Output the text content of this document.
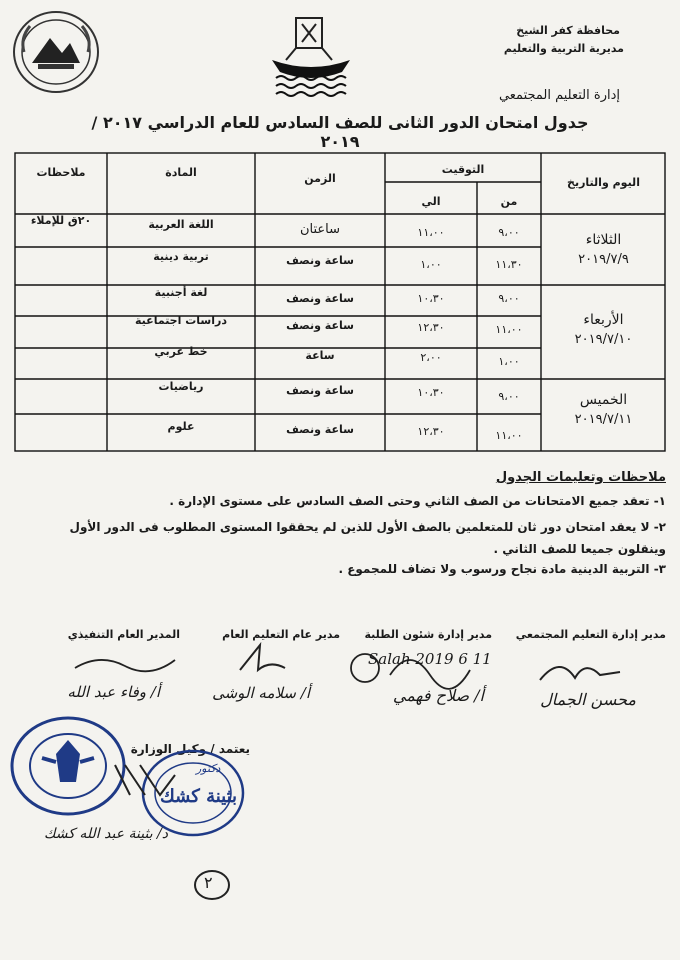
محافظة كفر الشيخ
مديرية التربية والتعليم
إدارة التعليم المجتمعي
جدول امتحان الدور الثانى للصف السادس للعام الدراسي ٢٠١٧ /٢٠١٩
اليوم والتاريخ
التوقيت
من
الي
الزمن
المادة
ملاحظات
الثلاثاء
٢٠١٩/٧/٩
الأربعاء
٢٠١٩/٧/١٠
الخميس
٢٠١٩/٧/١١
٩،٠٠
١١،٠٠
ساعتان
اللغة العربية
٢٠ق للإملاء
١١،٣٠
١،٠٠
ساعة ونصف
تربية دينية
٩،٠٠
١٠،٣٠
ساعة ونصف
لغة أجنبية
١١،٠٠
١٢،٣٠
ساعة ونصف
دراسات اجتماعية
١،٠٠
٢،٠٠
ساعة
خط عربي
٩،٠٠
١٠،٣٠
ساعة ونصف
رياضيات
١١،٠٠
١٢،٣٠
ساعة ونصف
علوم
ملاحظات وتعليمات الجدول
١- تعقد جميع الامتحانات من الصف الثاني وحتى الصف السادس على مستوى الإدارة .
٢- لا يعقد امتحان دور ثان للمتعلمين بالصف الأول للذين لم يحققوا المستوى المطلوب فى الدور الأول وينقلون جميعا للصف الثاني .
٣- التربية الدينية مادة نجاح ورسوب ولا تضاف للمجموع .
مدير إدارة التعليم المجتمعي
مدير إدارة شئون الطلبة
مدير عام التعليم العام
المدير العام التنفيذي
محسن الجمال
Salah 2019 6 11
أ/ صلاح فهمي
أ/ سلامه الوشى
أ/ وفاء عبد الله
يعتمد / وكيل الوزارة
دكتور
بثينة كشك
د/ بثينة عبد الله كشك
٢
